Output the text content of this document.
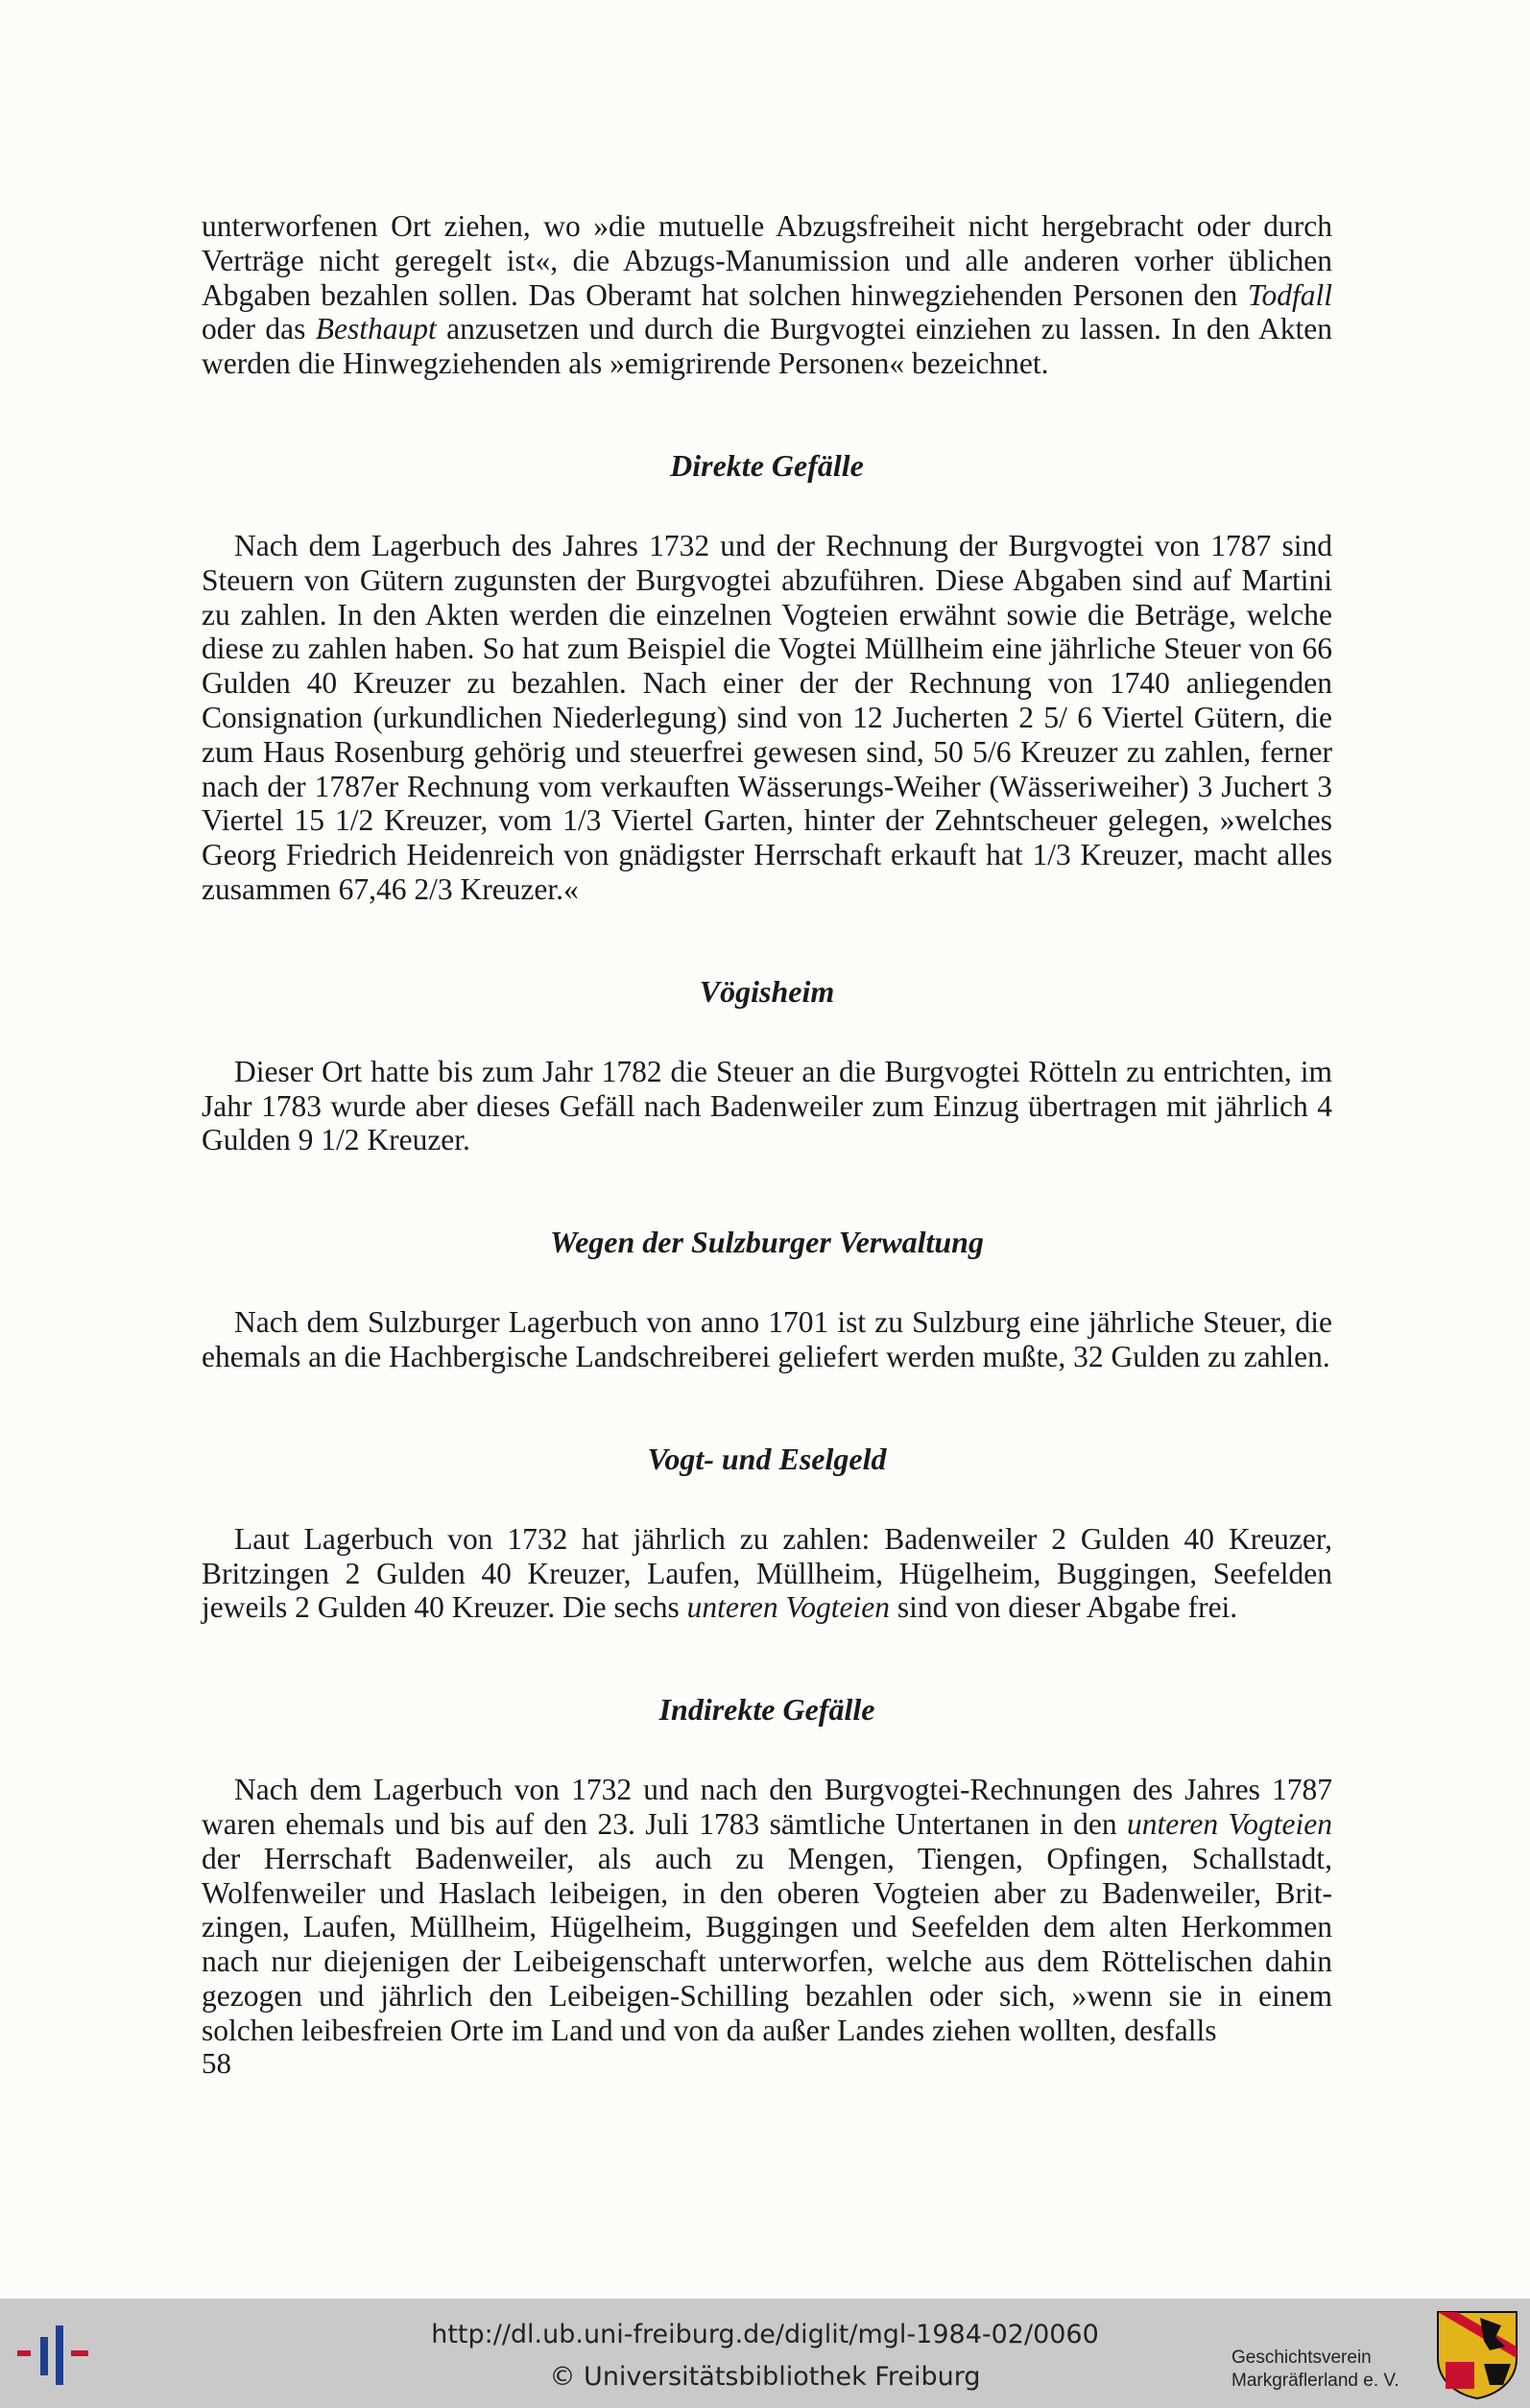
unterworfenen Ort ziehen, wo »die mutuelle Abzugsfreiheit nicht hergebracht oder durch Verträge nicht geregelt ist«, die Abzugs-Manumission und alle anderen vorher üblichen Abgaben bezahlen sollen. Das Oberamt hat solchen hinwegziehenden Personen den Todfall oder das Besthaupt anzusetzen und durch die Burgvogtei einziehen zu lassen. In den Akten werden die Hinwegziehenden als »emigrirende Personen« bezeichnet.

Direkte Gefälle

Nach dem Lagerbuch des Jahres 1732 und der Rechnung der Burgvogtei von 1787 sind Steuern von Gütern zugunsten der Burgvogtei abzuführen. Diese Abgaben sind auf Martini zu zahlen. In den Akten werden die einzelnen Vogteien erwähnt sowie die Beträge, welche diese zu zahlen haben. So hat zum Beispiel die Vogtei Müllheim eine jährliche Steuer von 66 Gulden 40 Kreuzer zu bezahlen. Nach einer der der Rechnung von 1740 anliegenden Consignation (urkundlichen Niederlegung) sind von 12 Jucherten 2 5/ 6 Viertel Gütern, die zum Haus Rosenburg gehörig und steuerfrei gewesen sind, 50 5/6 Kreuzer zu zahlen, ferner nach der 1787er Rechnung vom verkauften Wässerungs-Weiher (Wässeriweiher) 3 Juchert 3 Viertel 15 1/2 Kreuzer, vom 1/3 Viertel Garten, hinter der Zehntscheuer gelegen, »welches Georg Friedrich Heidenreich von gnädigster Herrschaft erkauft hat 1/3 Kreuzer, macht alles zusammen 67,46 2/3 Kreuzer.«

Vögisheim

Dieser Ort hatte bis zum Jahr 1782 die Steuer an die Burgvogtei Rötteln zu entrichten, im Jahr 1783 wurde aber dieses Gefäll nach Badenweiler zum Einzug übertragen mit jährlich 4 Gulden 9 1/2 Kreuzer.

Wegen der Sulzburger Verwaltung

Nach dem Sulzburger Lagerbuch von anno 1701 ist zu Sulzburg eine jährliche Steuer, die ehemals an die Hachbergische Landschreiberei geliefert werden mußte, 32 Gulden zu zahlen.

Vogt- und Eselgeld

Laut Lagerbuch von 1732 hat jährlich zu zahlen: Badenweiler 2 Gulden 40 Kreuzer, Britzingen 2 Gulden 40 Kreuzer, Laufen, Müllheim, Hügelheim, Buggingen, Seefelden jeweils 2 Gulden 40 Kreuzer. Die sechs unteren Vogteien sind von dieser Abgabe frei.

Indirekte Gefälle

Nach dem Lagerbuch von 1732 und nach den Burgvogtei-Rechnungen des Jahres 1787 waren ehemals und bis auf den 23. Juli 1783 sämtliche Untertanen in den unteren Vogteien der Herrschaft Badenweiler, als auch zu Mengen, Tiengen, Opfingen, Schallstadt, Wolfenweiler und Haslach leibeigen, in den oberen Vogteien aber zu Badenweiler, Britzingen, Laufen, Müllheim, Hügelheim, Buggingen und Seefelden dem alten Herkommen nach nur diejenigen der Leibeigenschaft unterworfen, welche aus dem Röttelischen dahin gezogen und jährlich den Leibeigen-Schilling bezahlen oder sich, »wenn sie in einem solchen leibesfreien Orte im Land und von da außer Landes ziehen wollten, desfalls

58
http://dl.ub.uni-freiburg.de/diglit/mgl-1984-02/0060
© Universitätsbibliothek Freiburg
Geschichtsverein
Markgräflerland e. V.
